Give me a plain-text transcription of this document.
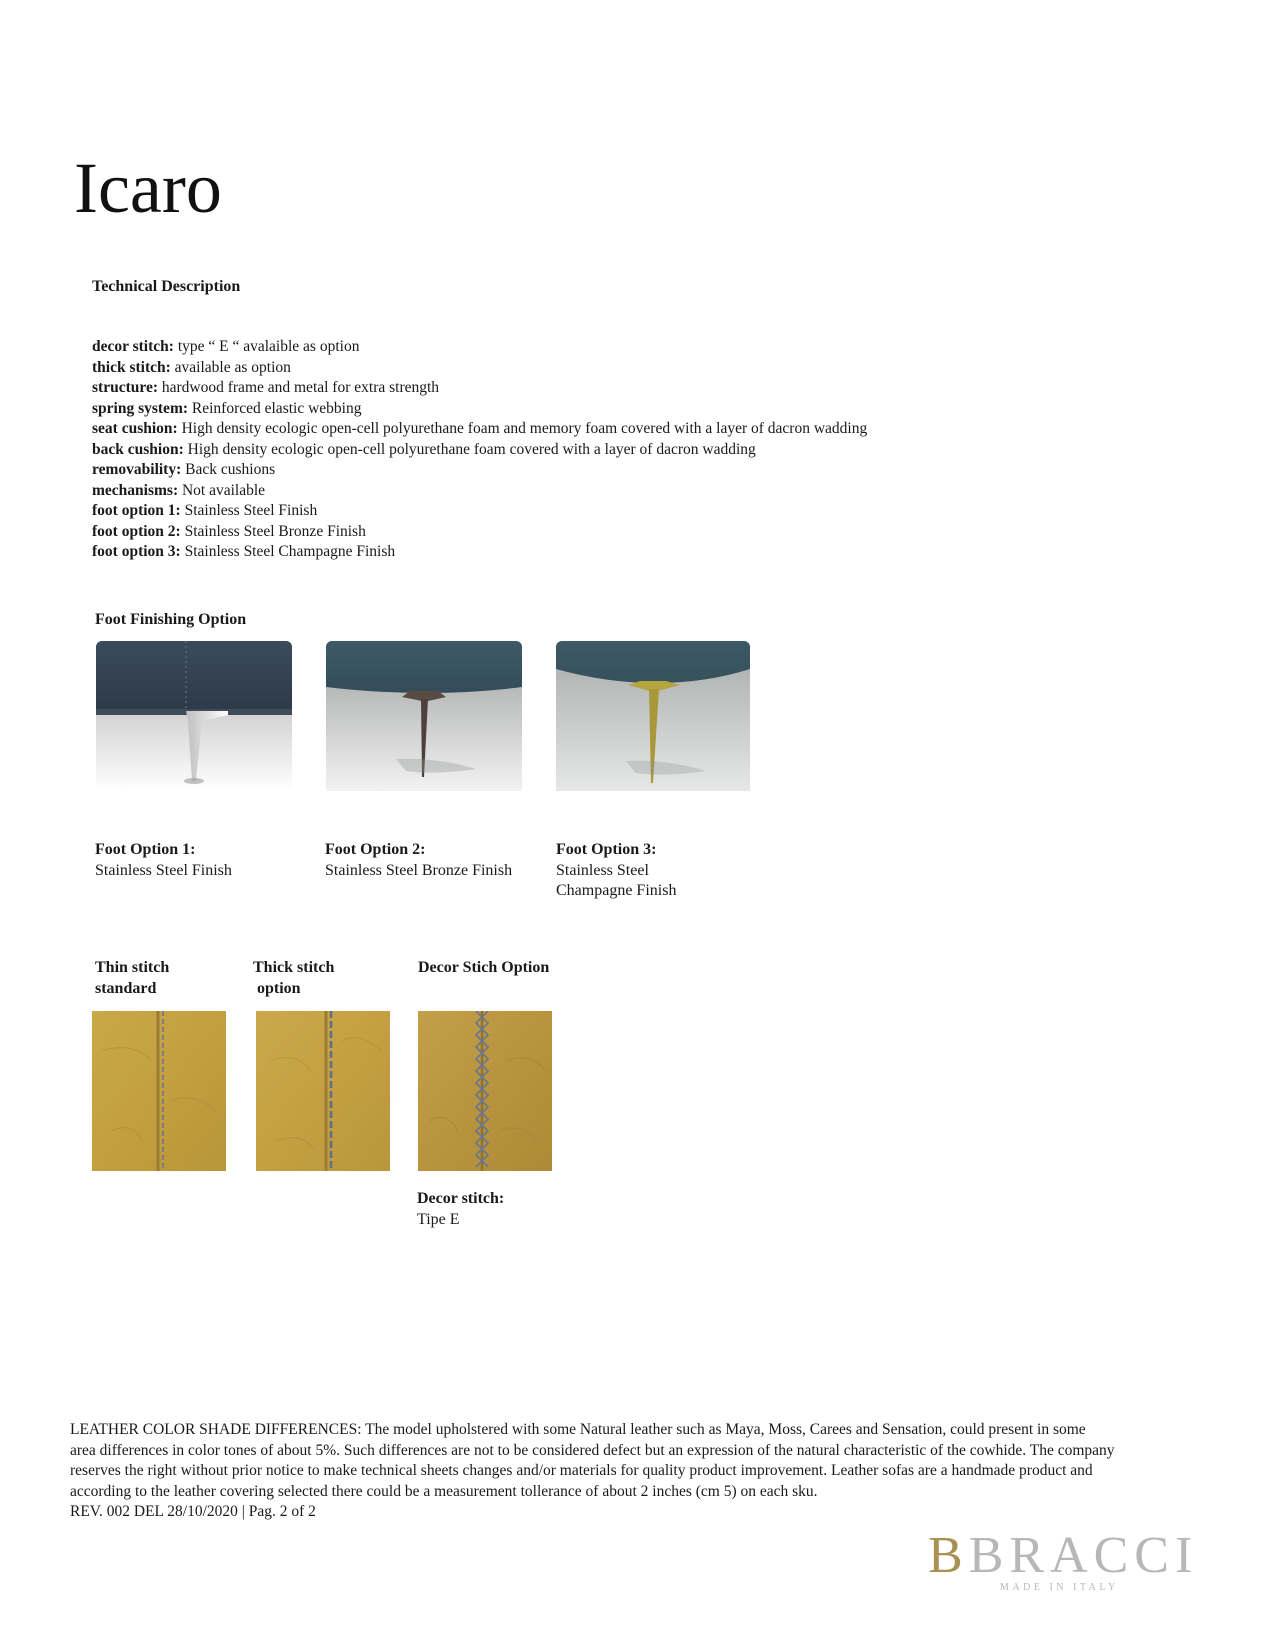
Icaro
Technical Description
decor stitch: type “ E “ avalaible as option
thick stitch: available as option
structure: hardwood frame and metal for extra strength
spring system: Reinforced elastic webbing
seat cushion: High density ecologic open-cell polyurethane foam and memory foam covered with a layer of dacron wadding
back cushion: High density ecologic open-cell polyurethane foam covered with a layer of dacron wadding
removability: Back cushions
mechanisms: Not available
foot option 1: Stainless Steel Finish
foot option 2: Stainless Steel Bronze Finish
foot option 3: Stainless Steel Champagne Finish
Foot Finishing Option
Foot Option 1:
Stainless Steel Finish
Foot Option 2:
Stainless Steel Bronze Finish
Foot Option 3:
Stainless Steel
Champagne Finish
Thin stitch
standard
Thick stitch
option
Decor Stich Option
Decor stitch:
Tipe E

LEATHER COLOR SHADE DIFFERENCES: The model upholstered with some Natural leather such as Maya, Moss, Carees and Sensation, could present in some

area differences in color tones of about 5%. Such differences are not to be considered defect but an expression of the natural characteristic of the cowhide. The company

reserves the right without prior notice to make technical sheets changes and/or materials for quality product improvement. Leather sofas are a handmade product and

according to the leather covering selected there could be a measurement tollerance of about 2 inches (cm 5) on each sku.

REV. 002 DEL 28/10/2020 | Pag. 2 of 2

BBRACCI
MADE IN ITALY
